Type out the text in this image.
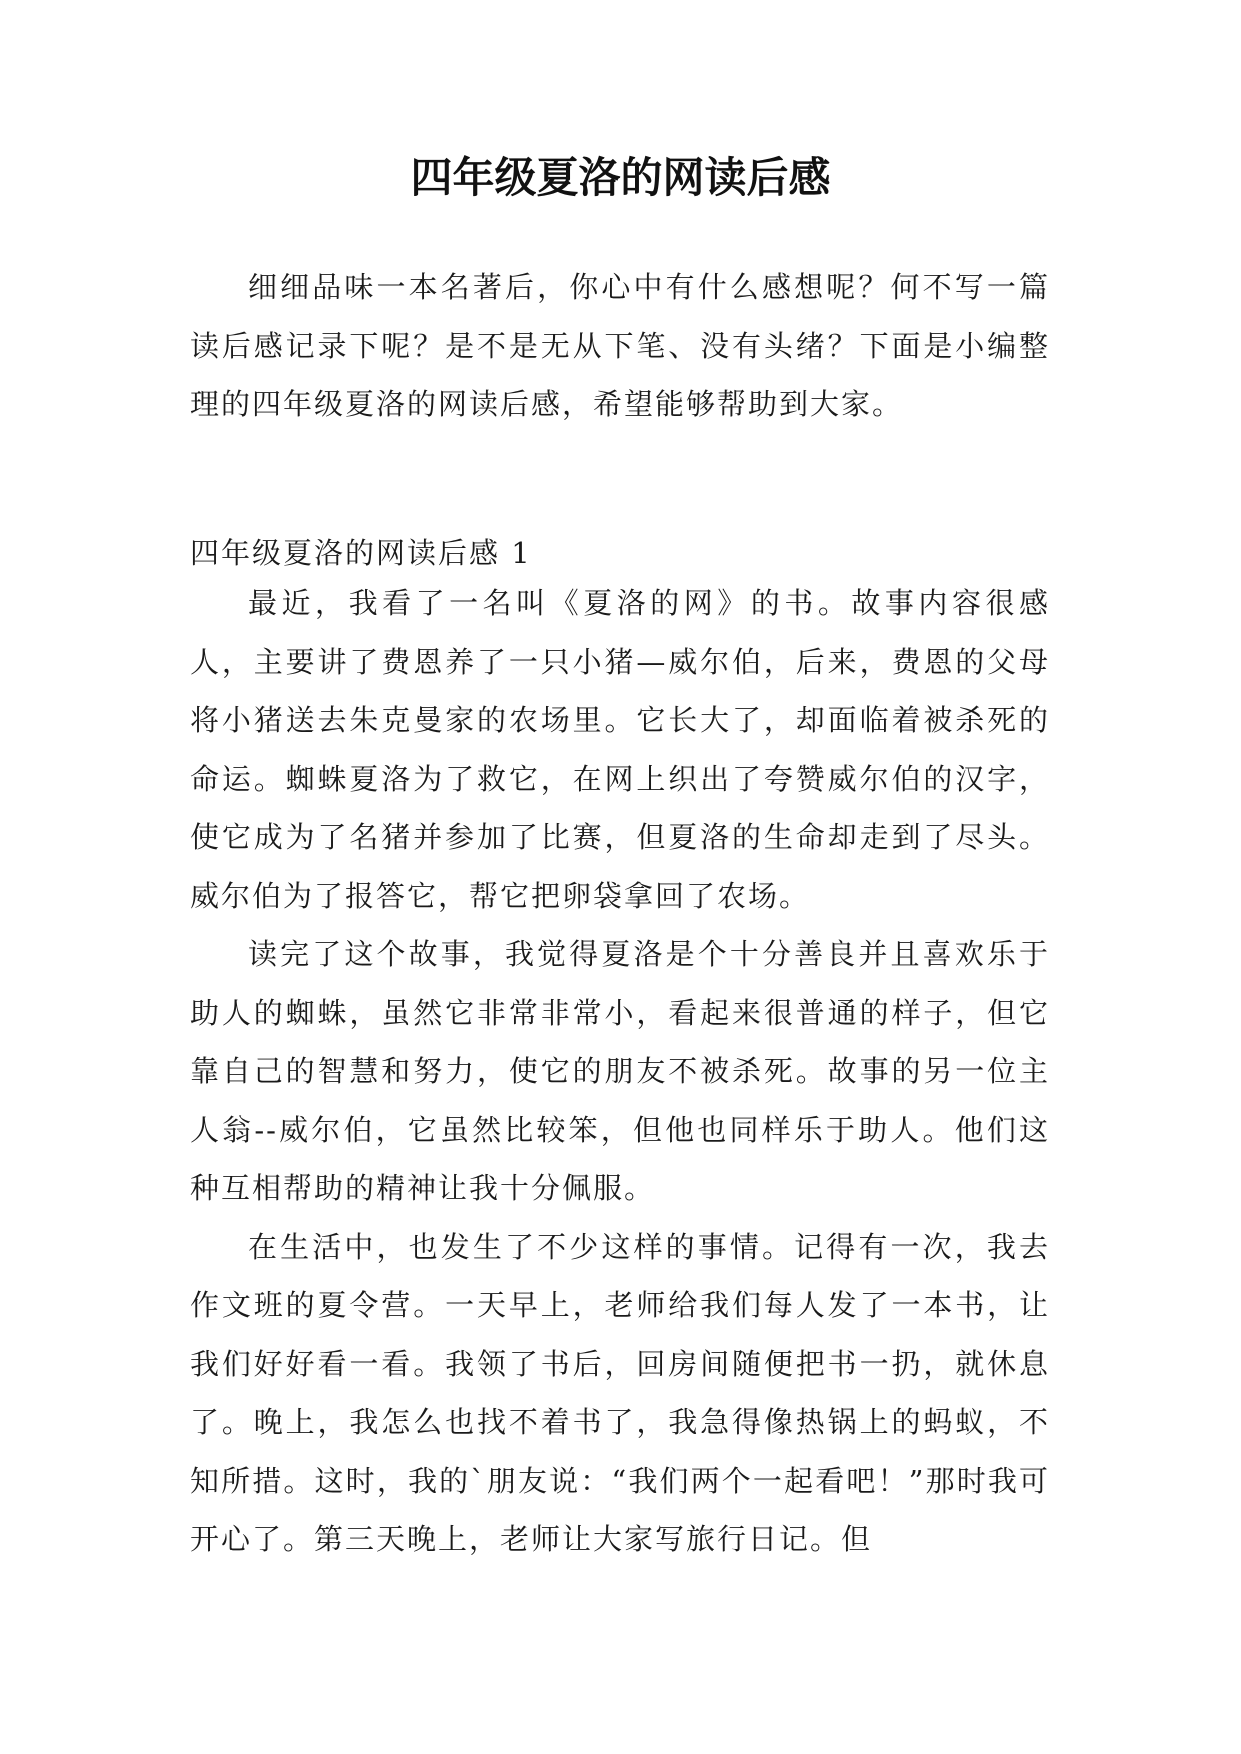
四年级夏洛的网读后感

细细品味一本名著后，你心中有什么感想呢？何不写一篇读后感记录下呢？是不是无从下笔、没有头绪？下面是小编整理的四年级夏洛的网读后感，希望能够帮助到大家。

四年级夏洛的网读后感 1

最近，我看了一名叫《夏洛的网》的书。故事内容很感人，主要讲了费恩养了一只小猪—威尔伯，后来，费恩的父母将小猪送去朱克曼家的农场里。它长大了，却面临着被杀死的命运。蜘蛛夏洛为了救它，在网上织出了夸赞威尔伯的汉字，使它成为了名猪并参加了比赛，但夏洛的生命却走到了尽头。威尔伯为了报答它，帮它把卵袋拿回了农场。

读完了这个故事，我觉得夏洛是个十分善良并且喜欢乐于助人的蜘蛛，虽然它非常非常小，看起来很普通的样子，但它靠自己的智慧和努力，使它的朋友不被杀死。故事的另一位主人翁--威尔伯，它虽然比较笨，但他也同样乐于助人。他们这种互相帮助的精神让我十分佩服。

在生活中，也发生了不少这样的事情。记得有一次，我去作文班的夏令营。一天早上，老师给我们每人发了一本书，让我们好好看一看。我领了书后，回房间随便把书一扔，就休息了。晚上，我怎么也找不着书了，我急得像热锅上的蚂蚁，不知所措。这时，我的`朋友说：“我们两个一起看吧！”那时我可开心了。第三天晚上，老师让大家写旅行日记。但
